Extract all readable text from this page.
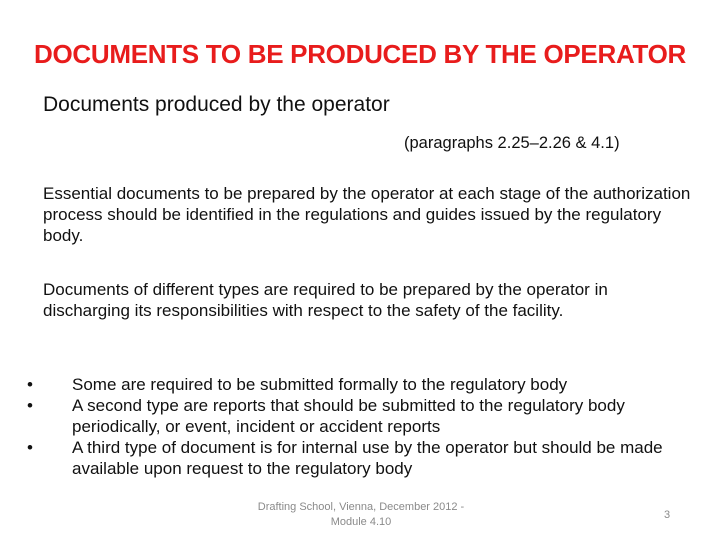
DOCUMENTS TO BE PRODUCED BY THE OPERATOR
Documents produced by the operator
(paragraphs 2.25–2.26 & 4.1)
Essential documents to be prepared by the operator at each stage of the authorization process should be identified in the regulations and guides issued by the regulatory body.
Documents of different types are required to be prepared by the operator in discharging its responsibilities with respect to the safety of the facility.
•	Some are required to be submitted formally to the regulatory body
•	A second type are reports that should be submitted to the regulatory body periodically, or event, incident or accident reports
•	A third type of document is for internal use by the operator but should be made available upon request to the regulatory body
Drafting School, Vienna, December 2012 - Module 4.10
3
